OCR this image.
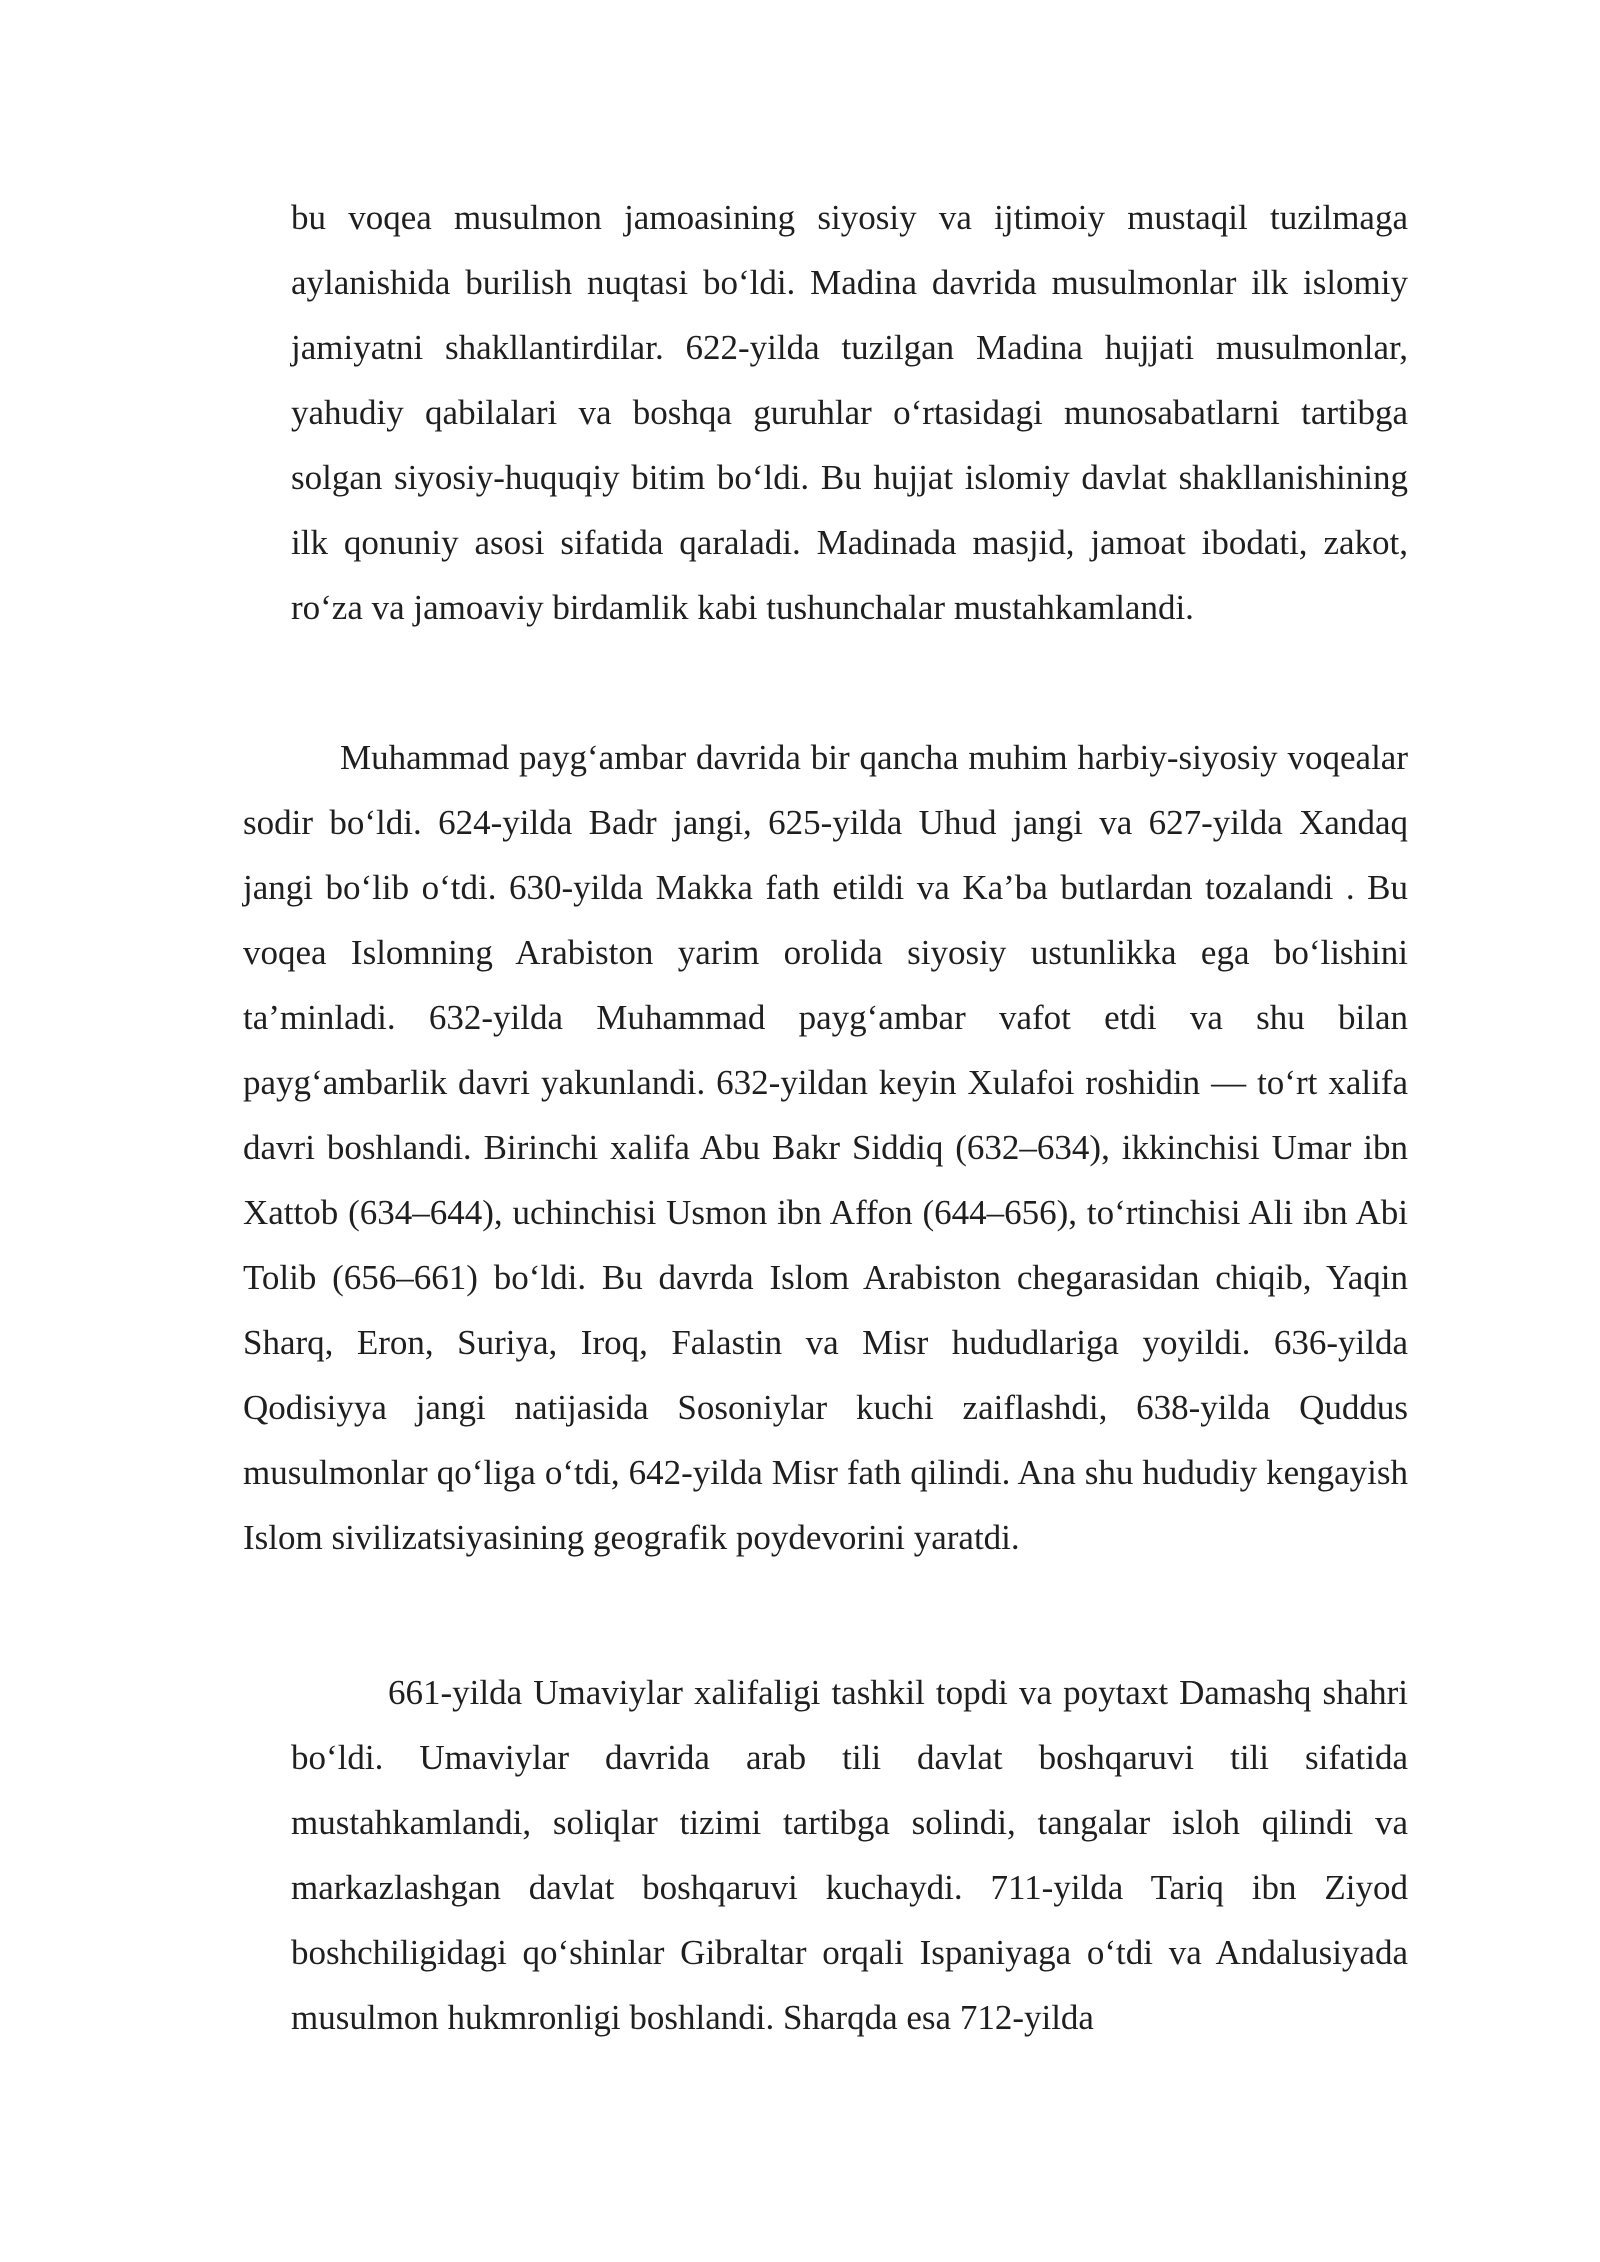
bu voqea musulmon jamoasining siyosiy va ijtimoiy mustaqil tuzilmaga aylanishida burilish nuqtasi bo‘ldi. Madina davrida musulmonlar ilk islomiy jamiyatni shakllantirdilar. 622-yilda tuzilgan Madina hujjati musulmonlar, yahudiy qabilalari va boshqa guruhlar o‘rtasidagi munosabatlarni tartibga solgan siyosiy-huquqiy bitim bo‘ldi. Bu hujjat islomiy davlat shakllanishining ilk qonuniy asosi sifatida qaraladi. Madinada masjid, jamoat ibodati, zakot, ro‘za va jamoaviy birdamlik kabi tushunchalar mustahkamlandi.

Muhammad payg‘ambar davrida bir qancha muhim harbiy-siyosiy voqealar sodir bo‘ldi. 624-yilda Badr jangi, 625-yilda Uhud jangi va 627-yilda Xandaq jangi bo‘lib o‘tdi. 630-yilda Makka fath etildi va Ka’ba butlardan tozalandi . Bu voqea Islomning Arabiston yarim orolida siyosiy ustunlikka ega bo‘lishini ta’minladi. 632-yilda Muhammad payg‘ambar vafot etdi va shu bilan payg‘ambarlik davri yakunlandi. 632-yildan keyin Xulafoi roshidin — to‘rt xalifa davri boshlandi. Birinchi xalifa Abu Bakr Siddiq (632–634), ikkinchisi Umar ibn Xattob (634–644), uchinchisi Usmon ibn Affon (644–656), to‘rtinchisi Ali ibn Abi Tolib (656–661) bo‘ldi. Bu davrda Islom Arabiston chegarasidan chiqib, Yaqin Sharq, Eron, Suriya, Iroq, Falastin va Misr hududlariga yoyildi. 636-yilda Qodisiyya jangi natijasida Sosoniylar kuchi zaiflashdi, 638-yilda Quddus musulmonlar qo‘liga o‘tdi, 642-yilda Misr fath qilindi. Ana shu hududiy kengayish Islom sivilizatsiyasining geografik poydevorini yaratdi.

661-yilda Umaviylar xalifaligi tashkil topdi va poytaxt Damashq shahri bo‘ldi. Umaviylar davrida arab tili davlat boshqaruvi tili sifatida mustahkamlandi, soliqlar tizimi tartibga solindi, tangalar isloh qilindi va markazlashgan davlat boshqaruvi kuchaydi. 711-yilda Tariq ibn Ziyod boshchiligidagi qo‘shinlar Gibraltar orqali Ispaniyaga o‘tdi va Andalusiyada musulmon hukmronligi boshlandi. Sharqda esa 712-yilda
